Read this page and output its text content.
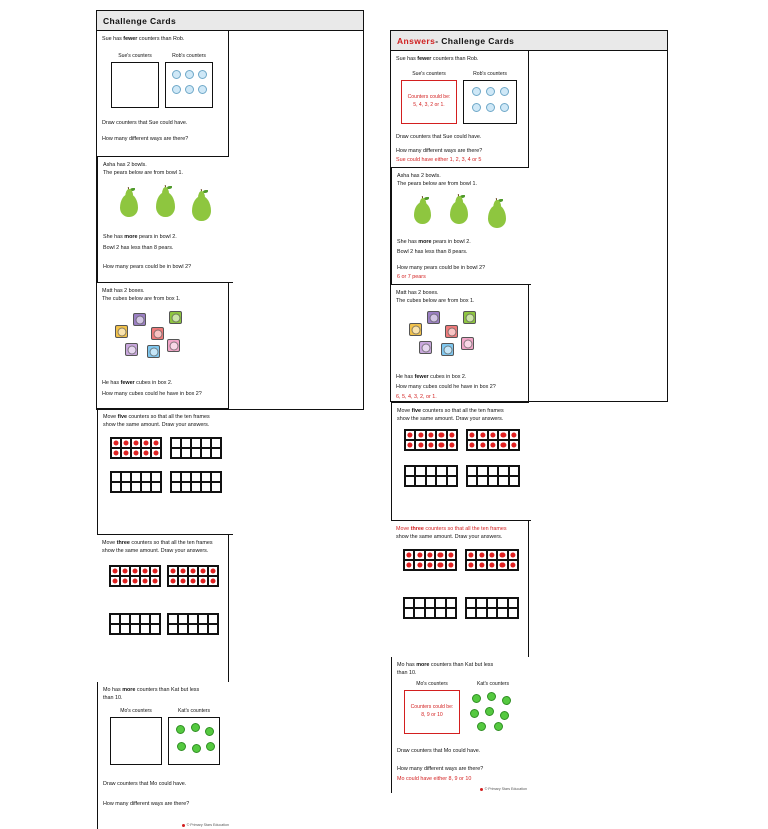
Challenge Cards
Sue has fewer counters than Rob.
Sue's counters	Rob's counters
Draw counters that Sue could have.
How many different ways are there?
Asha has 2 bowls.
The pears below are from bowl 1.
She has more pears in bowl 2.
Bowl 2 has less than 8 pears.
How many pears could be in bowl 2?
Matt has 2 boxes.
The cubes below are from box 1.
He has fewer cubes in box 2.
How many cubes could he have in box 2?
Move five counters so that all the ten frames
show the same amount. Draw your answers.
Move three counters so that all the ten frames
show the same amount. Draw your answers.
Mo has more counters than Kat but less
than 10.
Mo's counters	Kat's counters
Draw counters that Mo could have.
How many different ways are there?
© Primary Stars Education
Answers - Challenge Cards
Sue has fewer counters than Rob.
Sue's counters	Rob's counters
Counters could be:
5, 4, 3, 2 or 1.
Draw counters that Sue could have.
How many different ways are there?
Sue could have either 1, 2, 3, 4 or 5
Asha has 2 bowls.
The pears below are from bowl 1.
She has more pears in bowl 2.
Bowl 2 has less than 8 pears.
How many pears could be in bowl 2?
6 or 7 pears
Matt has 2 boxes.
The cubes below are from box 1.
He has fewer cubes in box 2.
How many cubes could he have in box 2?
6, 5, 4, 3, 2, or 1.
Move five counters so that all the ten frames
show the same amount. Draw your answers.
Move three counters so that all the ten frames
show the same amount. Draw your answers.
Mo has more counters than Kat but less
than 10.
Mo's counters	Kat's counters
Counters could be:
8, 9 or 10
Draw counters that Mo could have.
How many different ways are there?
Mo could have either 8, 9 or 10
© Primary Stars Education
